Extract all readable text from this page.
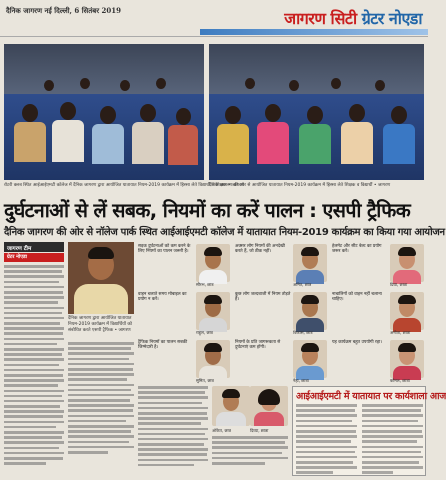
दैनिक जागरण नई दिल्ली, 6 सितंबर 2019	जागरण सिटी ग्रेटर नोएडा
रोटरी क्लब स्थित आईआईएमटी कॉलेज में दैनिक जागरण द्वारा आयोजित यातायात नियम-2019 कार्यक्रम में हिस्सा लेते विद्यार्थी व शिक्षक • जागरण
दैनिक जागरण की ओर से आयोजित यातायात नियम-2019 कार्यक्रम में हिस्सा लेते शिक्षक व विद्यार्थी • जागरण
दुर्घटनाओं से लें सबक, नियमों का करें पालन : एसपी ट्रैफिक
दैनिक जागरण की ओर से नॉलेज पार्क स्थित आईआईएमटी कॉलेज में यातायात नियम-2019 कार्यक्रम का किया गया आयोजन
जागरण टीम
ग्रेटर नोएडा
दैनिक जागरण द्वारा आयोजित यातायात नियम-2019 कार्यक्रम में विद्यार्थियों को संबोधित करते एसपी ट्रैफिक • जागरण
सड़क दुर्घटनाओं को कम करने के लिए नियमों का पालन जरूरी है।
सौरभ, छात्र
अक्सर लोग नियमों की अनदेखी करते हैं, जो ठीक नहीं।
अमित, छात्र
हेलमेट और सीट बेल्ट का प्रयोग जरूर करें।
प्रिया, छात्रा
वाहन चलाते समय मोबाइल का प्रयोग न करें।
राहुल, छात्र
कुछ लोग जल्दबाजी में नियम तोड़ते हैं।
विकास, छात्र
नाबालिगों को वाहन नहीं चलाना चाहिए।
अनीता, छात्रा
ट्रैफिक नियमों का पालन सबकी जिम्मेदारी है।
सुमित, छात्र
नियमों के प्रति जागरूकता से दुर्घटनाएं कम होंगी।
नेहा, छात्रा
यह कार्यक्रम बहुत उपयोगी रहा।
कोमल, छात्रा
अंकित, छात्र	दिव्या, छात्रा
आईआईएमटी में यातायात पर कार्यशाला आज
